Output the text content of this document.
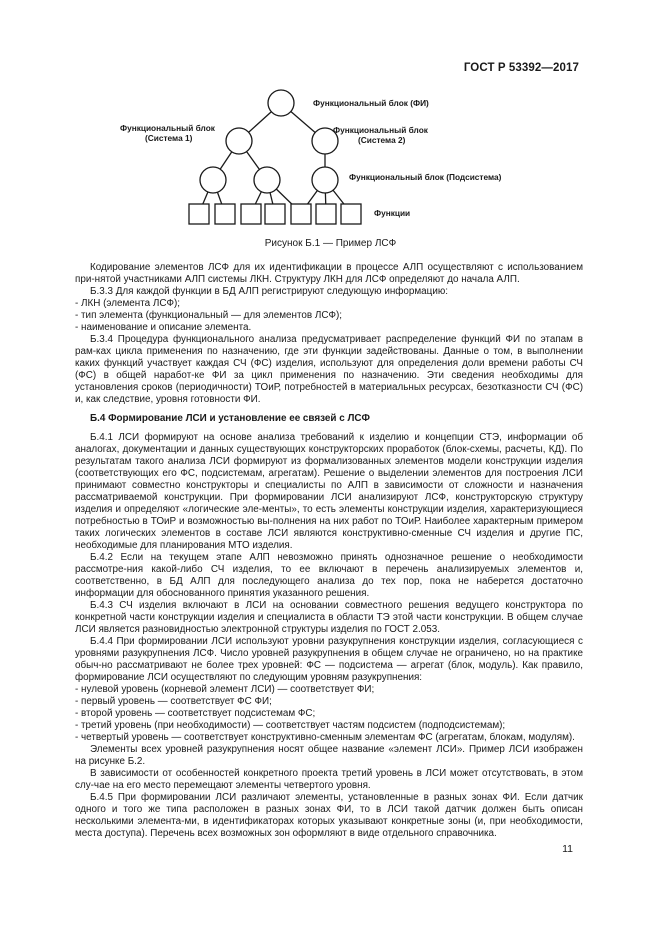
ГОСТ Р 53392—2017
Функциональный блок (ФИ)
Функциональный блок
(Система 1)
Функциональный блок
(Система 2)
Функциональный блок (Подсистема)
Функции
Рисунок Б.1 — Пример ЛСФ

Кодирование элементов ЛСФ для их идентификации в процессе АЛП осуществляют с использованием при-нятой участниками АЛП системы ЛКН. Структуру ЛКН для ЛСФ определяют до начала АЛП.

Б.3.3 Для каждой функции в БД АЛП регистрируют следующую информацию:

- ЛКН (элемента ЛСФ);

- тип элемента (функциональный — для элементов ЛСФ);

- наименование и описание элемента.

Б.3.4 Процедура функционального анализа предусматривает распределение функций ФИ по этапам в рам-ках цикла применения по назначению, где эти функции задействованы. Данные о том, в выполнении каких функций участвует каждая СЧ (ФС) изделия, используют для определения доли времени работы СЧ (ФС) в общей наработ-ке ФИ за цикл применения по назначению. Эти сведения необходимы для установления сроков (периодичности) ТОиР, потребностей в материальных ресурсах, безотказности СЧ (ФС) и, как следствие, уровня готовности ФИ.

Б.4 Формирование ЛСИ и установление ее связей с ЛСФ

Б.4.1 ЛСИ формируют на основе анализа требований к изделию и концепции СТЭ, информации об аналогах, документации и данных существующих конструкторских проработок (блок-схемы, расчеты, КД). По результатам такого анализа ЛСИ формируют из формализованных элементов модели конструкции изделия (соответствующих его ФС, подсистемам, агрегатам). Решение о выделении элементов для построения ЛСИ принимают совместно конструкторы и специалисты по АЛП в зависимости от сложности и назначения рассматриваемой конструкции. При формировании ЛСИ анализируют ЛСФ, конструкторскую структуру изделия и определяют «логические эле-менты», то есть элементы конструкции изделия, характеризующиеся потребностью в ТОиР и возможностью вы-полнения на них работ по ТОиР. Наиболее характерным примером таких логических элементов в составе ЛСИ являются конструктивно-сменные СЧ изделия и другие ПС, необходимые для планирования МТО изделия.

Б.4.2 Если на текущем этапе АЛП невозможно принять однозначное решение о необходимости рассмотре-ния какой-либо СЧ изделия, то ее включают в перечень анализируемых элементов и, соответственно, в БД АЛП для последующего анализа до тех пор, пока не наберется достаточно информации для обоснованного принятия указанного решения.

Б.4.3 СЧ изделия включают в ЛСИ на основании совместного решения ведущего конструктора по конкретной части конструкции изделия и специалиста в области ТЭ этой части конструкции. В общем случае ЛСИ является разновидностью электронной структуры изделия по ГОСТ 2.053.

Б.4.4 При формировании ЛСИ используют уровни разукрупнения конструкции изделия, согласующиеся с уровнями разукрупнения ЛСФ. Число уровней разукрупнения в общем случае не ограничено, но на практике обыч-но рассматривают не более трех уровней: ФС — подсистема — агрегат (блок, модуль). Как правило, формирование ЛСИ осуществляют по следующим уровням разукрупнения:

- нулевой уровень (корневой элемент ЛСИ) — соответствует ФИ;

- первый уровень — соответствует ФС ФИ;

- второй уровень — соответствует подсистемам ФС;

- третий уровень (при необходимости) — соответствует частям подсистем (подподсистемам);

- четвертый уровень — соответствует конструктивно-сменным элементам ФС (агрегатам, блокам, модулям).

Элементы всех уровней разукрупнения носят общее название «элемент ЛСИ». Пример ЛСИ изображен на рисунке Б.2.

В зависимости от особенностей конкретного проекта третий уровень в ЛСИ может отсутствовать, в этом слу-чае на его место перемещают элементы четвертого уровня.

Б.4.5 При формировании ЛСИ различают элементы, установленные в разных зонах ФИ. Если датчик одного и того же типа расположен в разных зонах ФИ, то в ЛСИ такой датчик должен быть описан несколькими элемента-ми, в идентификаторах которых указывают конкретные зоны (и, при необходимости, места доступа). Перечень всех возможных зон оформляют в виде отдельного справочника.

11
